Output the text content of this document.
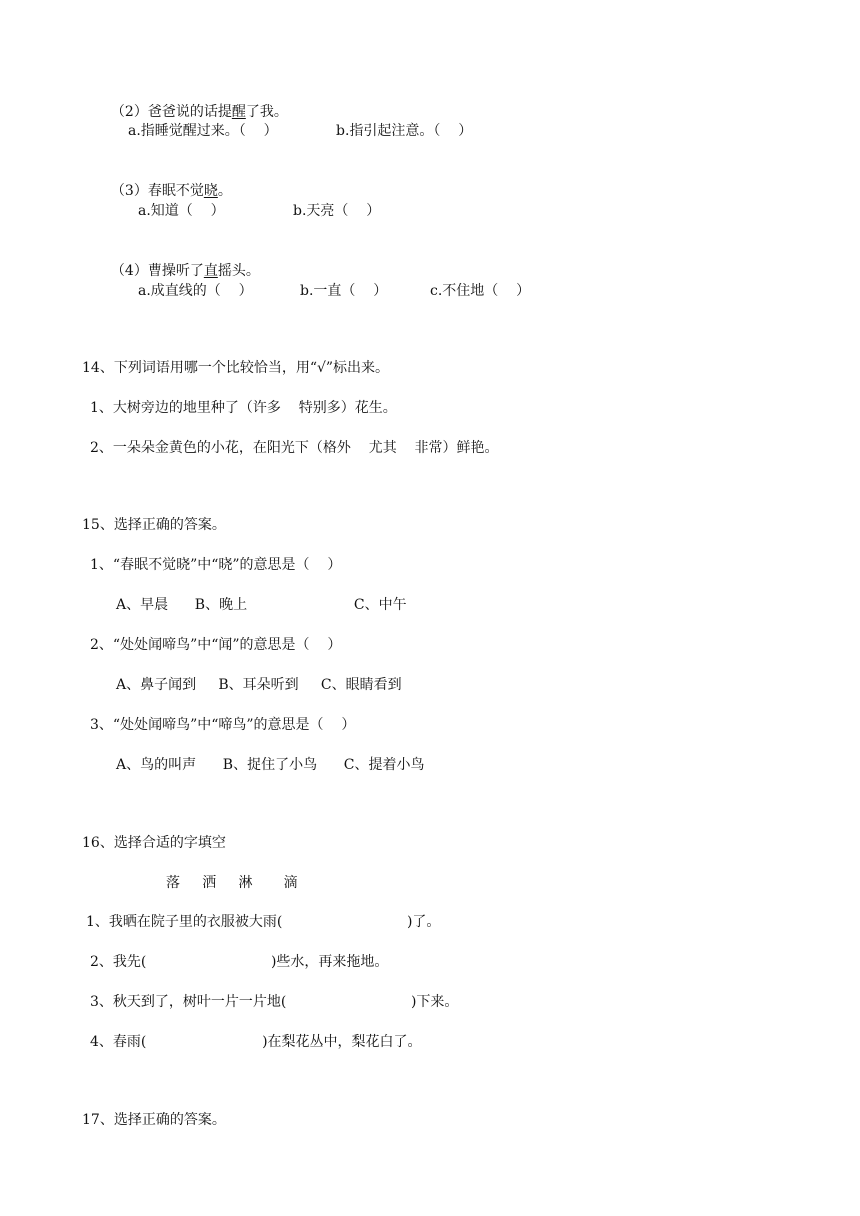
（2）爸爸说的话提醒了我。

a.指睡觉醒过来。（    ）	b.指引起注意。（    ）

（3）春眠不觉晓。

a.知道（    ）	b.天亮（    ）

（4）曹操听了直摇头。

a.成直线的（    ）	b.一直（    ）	c.不住地（    ）
14、下列词语用哪一个比较恰当，用“√”标出来。
1、大树旁边的地里种了（许多    特别多）花生。
2、一朵朵金黄色的小花，在阳光下（格外    尤其    非常）鲜艳。
15、选择正确的答案。
1、“春眠不觉晓”中“晓”的意思是（    ）
A、早晨      B、晚上                        C、中午
2、“处处闻啼鸟”中“闻”的意思是（    ）
A、鼻子闻到     B、耳朵听到     C、眼睛看到
3、“处处闻啼鸟”中“啼鸟”的意思是（    ）
A、鸟的叫声      B、捉住了小鸟      C、提着小鸟
16、选择合适的字填空
落     洒     淋       滴
1、我晒在院子里的衣服被大雨(                            )了。
2、我先(                            )些水，再来拖地。
3、秋天到了，树叶一片一片地(                            )下来。
4、春雨(                          )在梨花丛中，梨花白了。
17、选择正确的答案。
